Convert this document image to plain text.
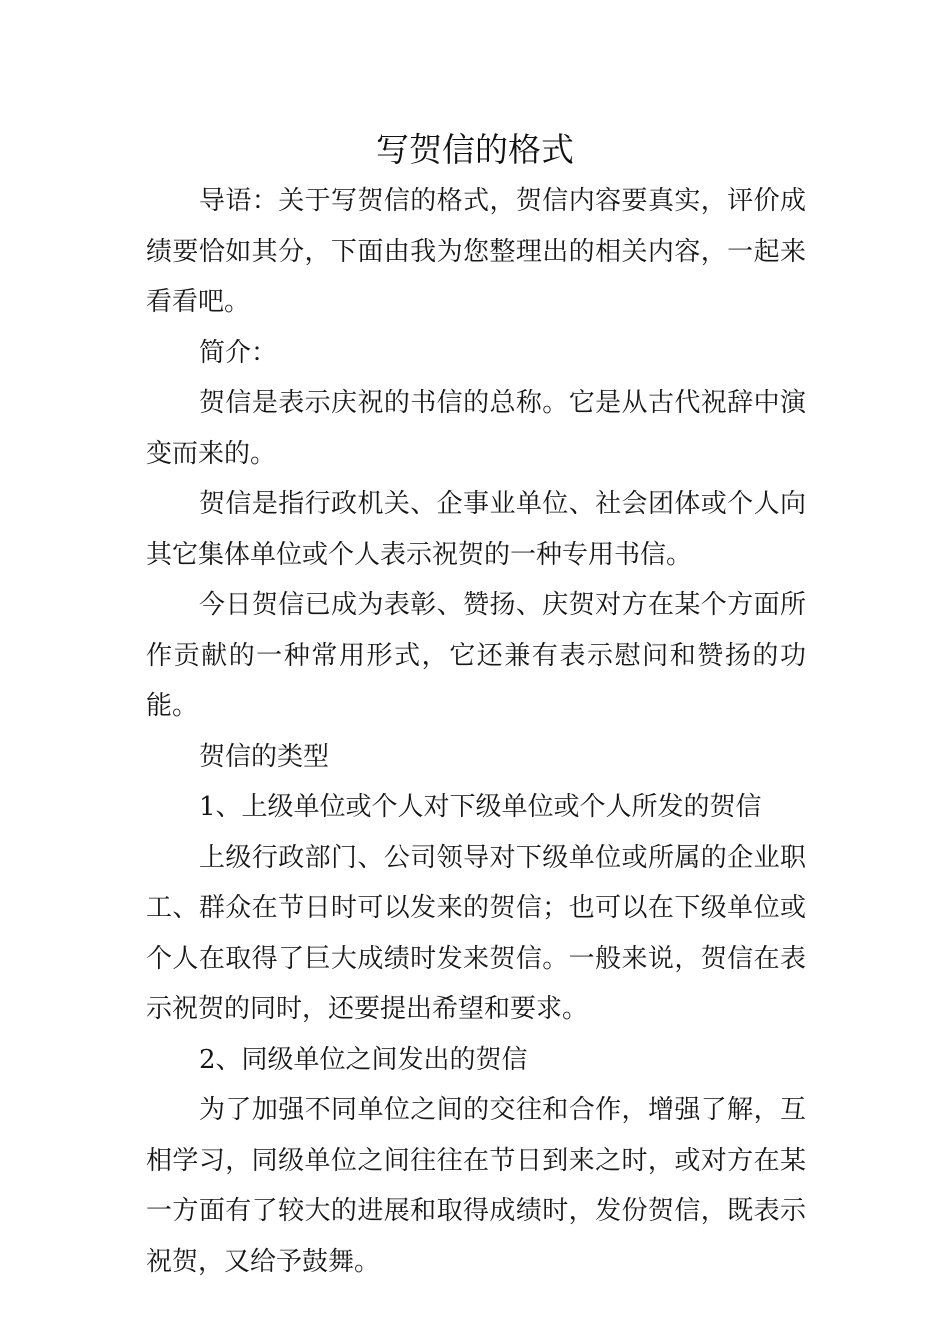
写贺信的格式

导语：关于写贺信的格式，贺信内容要真实，评价成绩要恰如其分，下面由我为您整理出的相关内容，一起来看看吧。

简介：

贺信是表示庆祝的书信的总称。它是从古代祝辞中演变而来的。

贺信是指行政机关、企事业单位、社会团体或个人向其它集体单位或个人表示祝贺的一种专用书信。

今日贺信已成为表彰、赞扬、庆贺对方在某个方面所作贡献的一种常用形式，它还兼有表示慰问和赞扬的功能。

贺信的类型

1、上级单位或个人对下级单位或个人所发的贺信

上级行政部门、公司领导对下级单位或所属的企业职工、群众在节日时可以发来的贺信；也可以在下级单位或个人在取得了巨大成绩时发来贺信。一般来说，贺信在表示祝贺的同时，还要提出希望和要求。

2、同级单位之间发出的贺信

为了加强不同单位之间的交往和合作，增强了解，互相学习，同级单位之间往往在节日到来之时，或对方在某一方面有了较大的进展和取得成绩时，发份贺信，既表示祝贺，又给予鼓舞。
